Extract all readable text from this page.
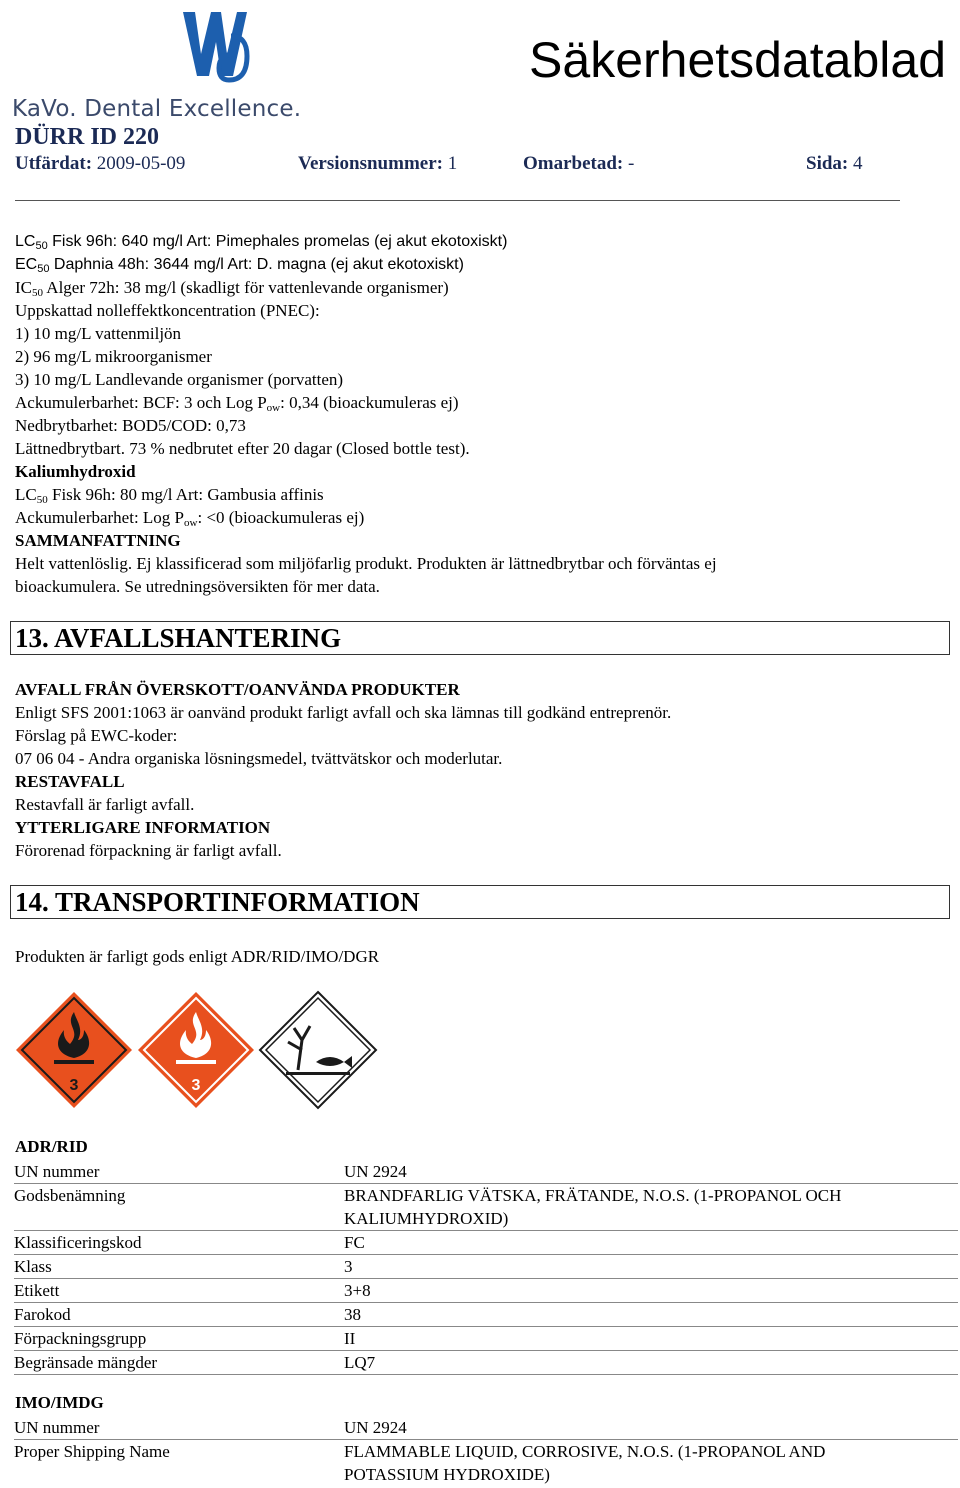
KaVo. Dental Excellence.
Säkerhetsdatablad
DÜRR ID 220
Utfärdat: 2009-05-09	Versionsnummer: 1	Omarbetad: -	Sida: 4
$LC_{50}$ Fisk 96h: 640 mg/l Art: Pimephales promelas (ej akut ekotoxiskt)
$EC_{50}$ Daphnia 48h: 3644 mg/l Art: D. magna (ej akut ekotoxiskt)
$IC_{50}$ Alger 72h: 38 mg/l (skadligt för vattenlevande organismer)
Uppskattad nolleffektkoncentration (PNEC):
1) 10 mg/L vattenmiljön
2) 96 mg/L mikroorganismer
3) 10 mg/L Landlevande organismer (porvatten)
Ackumulerbarhet: BCF: 3 och Log $P_{ow}$: 0,34 (bioackumuleras ej)
Nedbrytbarhet: BOD5/COD: 0,73
Lättnedbrytbart. 73 % nedbrutet efter 20 dagar (Closed bottle test).
Kaliumhydroxid
$LC_{50}$ Fisk 96h: 80 mg/l Art: Gambusia affinis
Ackumulerbarhet: Log $P_{ow}$: <0 (bioackumuleras ej)
SAMMANFATTNING
Helt vattenlöslig. Ej klassificerad som miljöfarlig produkt. Produkten är lättnedbrytbar och förväntas ej
bioackumulera. Se utredningsöversikten för mer data.
13. AVFALLSHANTERING
AVFALL FRÅN ÖVERSKOTT/OANVÄNDA PRODUKTER
Enligt SFS 2001:1063 är oanvänd produkt farligt avfall och ska lämnas till godkänd entreprenör.
Förslag på EWC-koder:
07 06 04 - Andra organiska lösningsmedel, tvättvätskor och moderlutar.
RESTAVFALL
Restavfall är farligt avfall.
YTTERLIGARE INFORMATION
Förorenad förpackning är farligt avfall.
14. TRANSPORTINFORMATION
Produkten är farligt gods enligt ADR/RID/IMO/DGR
3	3
ADR/RID
UN nummer	UN 2924
Godsbenämning	BRANDFARLIG VÄTSKA, FRÄTANDE, N.O.S. (1-PROPANOL OCH
KALIUMHYDROXID)

Klassificeringskod	FC
Klass	3
Etikett	3+8
Farokod	38
Förpackningsgrupp	II
Begränsade mängder	LQ7
IMO/IMDG
UN nummer	UN 2924
Proper Shipping Name	FLAMMABLE LIQUID, CORROSIVE, N.O.S. (1-PROPANOL AND
POTASSIUM HYDROXIDE)
